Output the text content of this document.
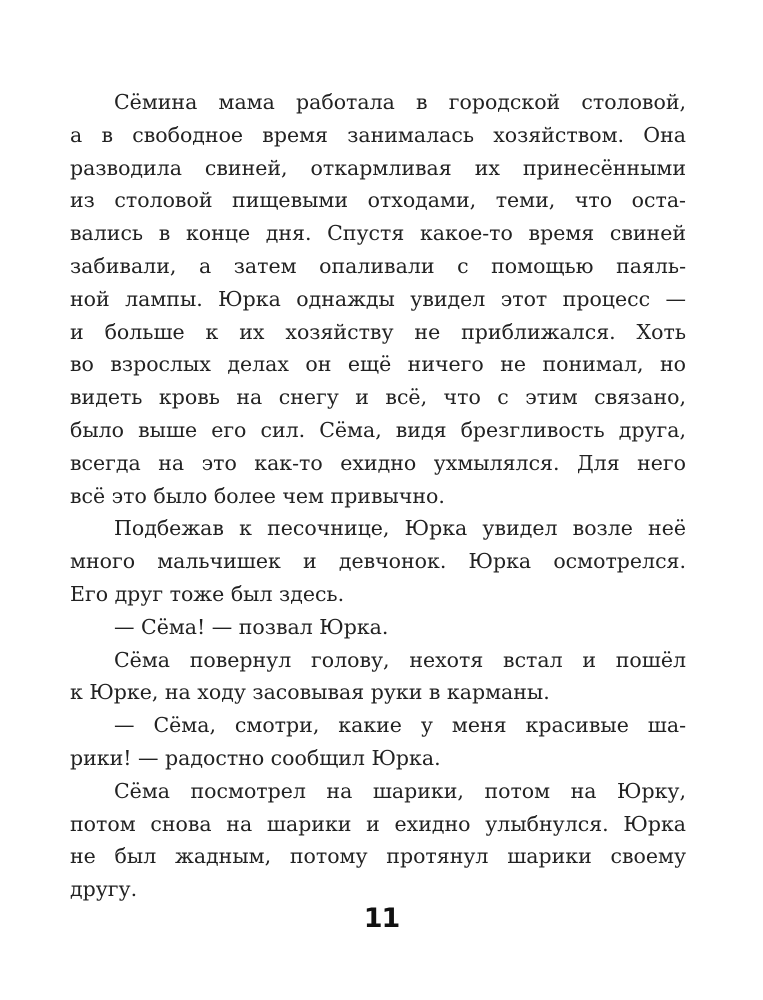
Сёмина мама работала в городской столовой,
а в свободное время занималась хозяйством. Она
разводила свиней, откармливая их принесёнными
из столовой пищевыми отходами, теми, что оста-
вались в конце дня. Спустя какое-то время свиней
забивали, а затем опаливали с помощью паяль-
ной лампы. Юрка однажды увидел этот процесс —
и больше к их хозяйству не приближался. Хоть
во взрослых делах он ещё ничего не понимал, но
видеть кровь на снегу и всё, что с этим связано,
было выше его сил. Сёма, видя брезгливость друга,
всегда на это как-то ехидно ухмылялся. Для него
всё это было более чем привычно.

Подбежав к песочнице, Юрка увидел возле неё
много мальчишек и девчонок. Юрка осмотрелся.
Его друг тоже был здесь.

— Сёма! — позвал Юрка.

Сёма повернул голову, нехотя встал и пошёл
к Юрке, на ходу засовывая руки в карманы.

— Сёма, смотри, какие у меня красивые ша-
рики! — радостно сообщил Юрка.

Сёма посмотрел на шарики, потом на Юрку,
потом снова на шарики и ехидно улыбнулся. Юрка
не был жадным, потому протянул шарики своему
другу.

11
